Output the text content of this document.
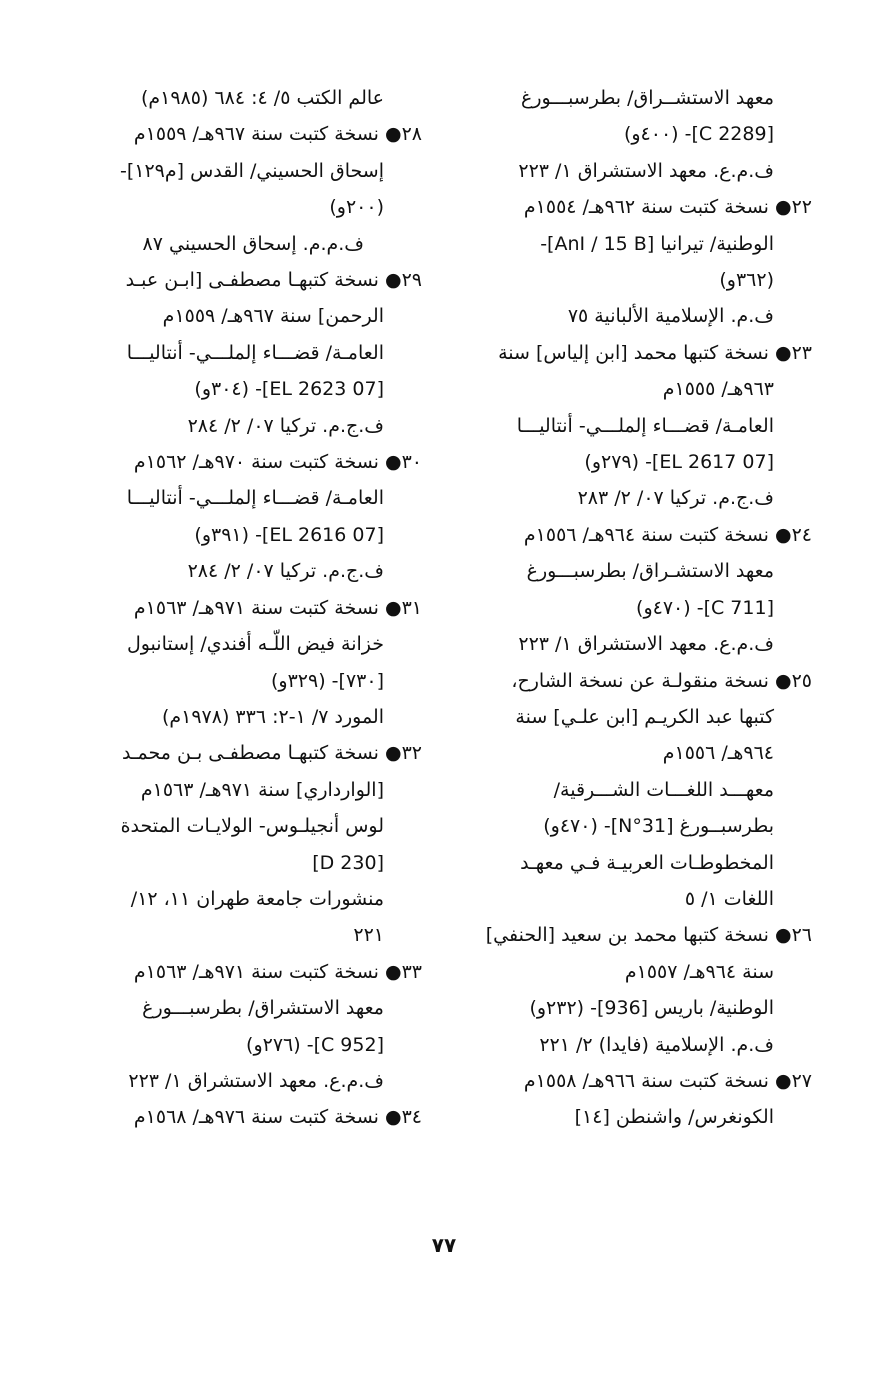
معهد الاستشــراق/ بطرسبـــورغ
[C 2289]- (٤٠٠و)
ف.م.ع. معهد الاستشراق ١/ ٢٢٣
٢٢● نسخة كتبت سنة ٩٦٢هـ/ ١٥٥٤م
الوطنية/ تيرانيا [AnI / 15 B]-
(٣٦٢و)
ف.م. الإسلامية الألبانية ٧٥
٢٣● نسخة كتبها محمد [ابن إلياس] سنة
٩٦٣هـ/ ١٥٥٥م
العامـة/ قضـــاء إلملـــي- أنتاليـــا
[07 EL 2617]- (٢٧٩و)
ف.ج.م. تركيا ٠٧/ ٢/ ٢٨٣
٢٤● نسخة كتبت سنة ٩٦٤هـ/ ١٥٥٦م
معهد الاستشـراق/ بطرسبـــورغ
[C 711]- (٤٧٠و)
ف.م.ع. معهد الاستشراق ١/ ٢٢٣
٢٥● نسخة منقولـة عن نسخة الشارح،
كتبها عبد الكريـم [ابن علـي] سنة
٩٦٤هـ/ ١٥٥٦م
معهـــد اللغـــات الشـــرقية/
بطرسبــورغ [N°31]- (٤٧٠و)
المخطوطـات العربيـة فـي معهـد
اللغات ١/ ٥
٢٦● نسخة كتبها محمد بن سعيد [الحنفي]
سنة ٩٦٤هـ/ ١٥٥٧م
الوطنية/ باريس [936]- (٢٣٢و)
ف.م. الإسلامية (فايدا) ٢/ ٢٢١
٢٧● نسخة كتبت سنة ٩٦٦هـ/ ١٥٥٨م
الكونغرس/ واشنطن [١٤]
عالم الكتب ٥/ ٤: ٦٨٤ (١٩٨٥م)
٢٨● نسخة كتبت سنة ٩٦٧هـ/ ١٥٥٩م
إسحاق الحسيني/ القدس [م١٢٩]-
(٢٠٠و)
ف.م.م. إسحاق الحسيني ٨٧
٢٩● نسخة كتبهـا مصطفـى [ابـن عبـد
الرحمن] سنة ٩٦٧هـ/ ١٥٥٩م
العامـة/ قضـــاء إلملـــي- أنتاليـــا
[07 EL 2623]- (٣٠٤و)
ف.ج.م. تركيا ٠٧/ ٢/ ٢٨٤
٣٠● نسخة كتبت سنة ٩٧٠هـ/ ١٥٦٢م
العامـة/ قضـــاء إلملـــي- أنتاليـــا
[07 EL 2616]- (٣٩١و)
ف.ج.م. تركيا ٠٧/ ٢/ ٢٨٤
٣١● نسخة كتبت سنة ٩٧١هـ/ ١٥٦٣م
خزانة فيض اللّـه أفندي/ إستانبول
[٧٣٠]- (٣٢٩و)
المورد ٧/ ١-٢: ٣٣٦ (١٩٧٨م)
٣٢● نسخة كتبهـا مصطفـى بـن محمـد
[الوارداري] سنة ٩٧١هـ/ ١٥٦٣م
لوس أنجيلـوس- الولايـات المتحدة
[D 230]
منشورات جامعة طهران ١١، ١٢/
٢٢١
٣٣● نسخة كتبت سنة ٩٧١هـ/ ١٥٦٣م
معهد الاستشراق/ بطرسبـــورغ
[C 952]- (٢٧٦و)
ف.م.ع. معهد الاستشراق ١/ ٢٢٣
٣٤● نسخة كتبت سنة ٩٧٦هـ/ ١٥٦٨م
٧٧
